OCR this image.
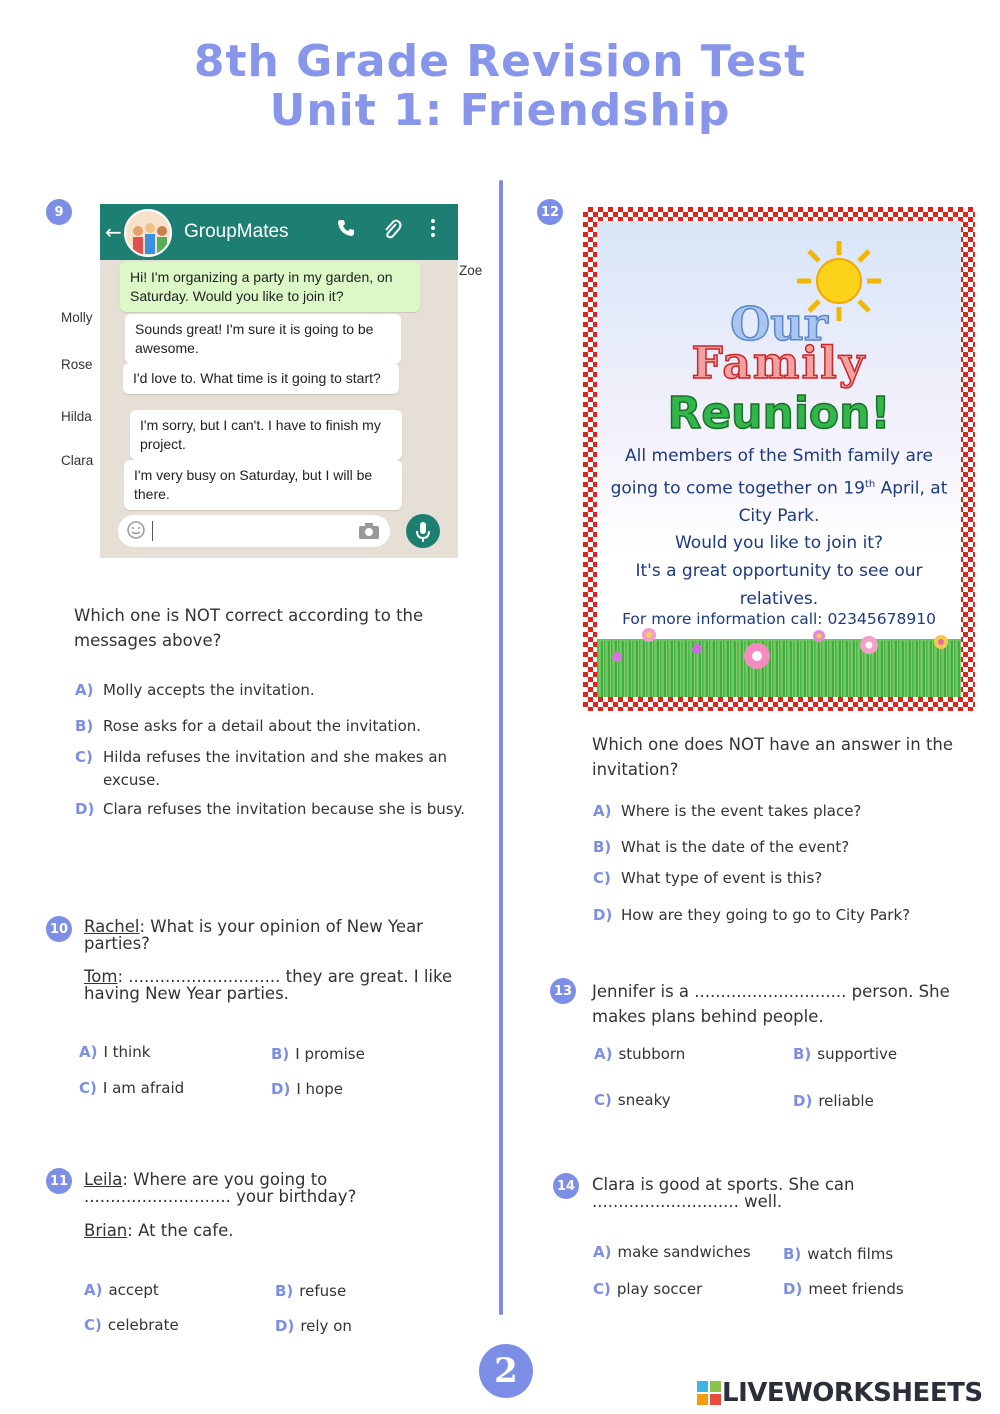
8th Grade Revision Test
Unit 1: Friendship
9
←	GroupMates
Hi! I'm organizing a party in my garden, on Saturday. Would you like to join it?
Sounds great! I'm sure it is going to be awesome.
I'd love to. What time is it going to start?
I'm sorry, but I can't. I have to finish my project.
I'm very busy on Saturday, but I will be there.
Zoe
Molly
Rose
Hilda
Clara
Which one is NOT correct according to the messages above?
A) Molly accepts the invitation.
B) Rose asks for a detail about the invitation.
C) Hilda refuses the invitation and she makes an excuse.
D) Clara refuses the invitation because she is busy.
10 Rachel: What is your opinion of New Year parties?
Tom: ............................. they are great. I like having New Year parties.
A) I think	B) I promise
C) I am afraid	D) I hope
11 Leila: Where are you going to ............................ your birthday?
Brian: At the cafe.
A) accept	B) refuse
C) celebrate	D) rely on
12
Our
Family
Reunion!
All members of the Smith family are going to come together on 19th April, at City Park.
Would you like to join it?
It's a great opportunity to see our relatives.
For more information call: 02345678910
Which one does NOT have an answer in the invitation?
A) Where is the event takes place?
B) What is the date of the event?
C) What type of event is this?
D) How are they going to go to City Park?
13 Jennifer is a ............................. person. She makes plans behind people.
A) stubborn	B) supportive
C) sneaky	D) reliable
14 Clara is good at sports. She can ............................ well.
A) make sandwiches B) watch films
C) play soccer	D) meet friends
2
LIVEWORKSHEETS
